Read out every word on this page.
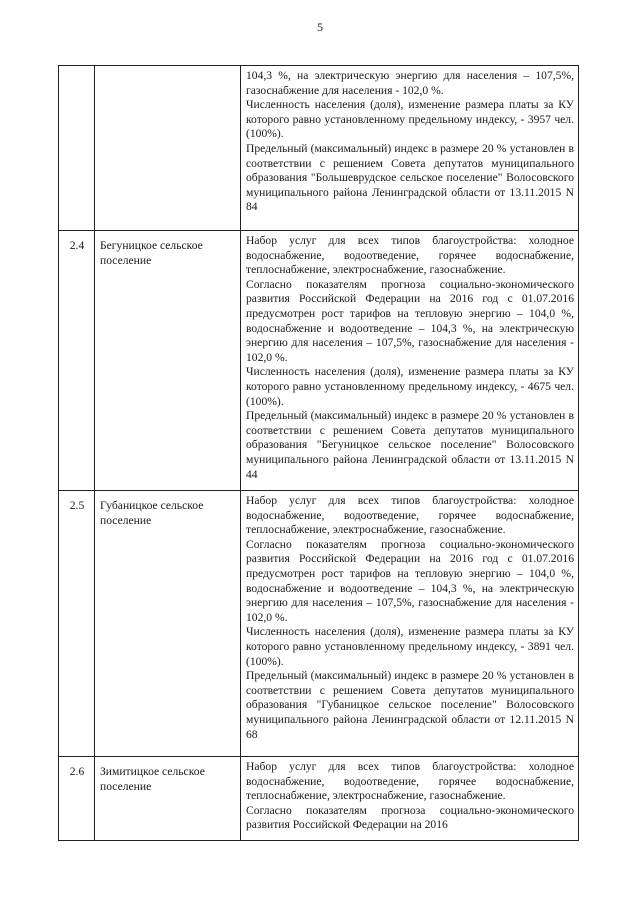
5

		104,3 %, на электрическую энергию для населения – 107,5%, газоснабжение для населения - 102,0 %.

Численность населения (доля), изменение размера платы за КУ которого равно установленному предельному индексу, - 3957 чел. (100%).

Предельный (максимальный) индекс в размере 20 % установлен в соответствии с решением Совета депутатов муниципального образования "Большеврудское сельское поселение" Волосовского муниципального района Ленинградской области от 13.11.2015 N 84

2.4	Бегуницкое сельское поселение	Набор услуг для всех типов благоустройства: холодное водоснабжение, водоотведение, горячее водоснабжение, теплоснабжение, электроснабжение, газоснабжение.

Согласно показателям прогноза социально-экономического развития Российской Федерации на 2016 год с 01.07.2016 предусмотрен рост тарифов на тепловую энергию – 104,0 %, водоснабжение и водоотведение – 104,3 %, на электрическую энергию для населения – 107,5%, газоснабжение для населения - 102,0 %.

Численность населения (доля), изменение размера платы за КУ которого равно установленному предельному индексу, - 4675 чел. (100%).

Предельный (максимальный) индекс в размере 20 % установлен в соответствии с решением Совета депутатов муниципального образования "Бегуницкое сельское поселение" Волосовского муниципального района Ленинградской области от 13.11.2015 N 44

2.5	Губаницкое сельское поселение	Набор услуг для всех типов благоустройства: холодное водоснабжение, водоотведение, горячее водоснабжение, теплоснабжение, электроснабжение, газоснабжение.

Согласно показателям прогноза социально-экономического развития Российской Федерации на 2016 год с 01.07.2016 предусмотрен рост тарифов на тепловую энергию – 104,0 %, водоснабжение и водоотведение – 104,3 %, на электрическую энергию для населения – 107,5%, газоснабжение для населения - 102,0 %.

Численность населения (доля), изменение размера платы за КУ которого равно установленному предельному индексу, - 3891 чел. (100%).

Предельный (максимальный) индекс в размере 20 % установлен в соответствии с решением Совета депутатов муниципального образования "Губаницкое сельское поселение" Волосовского муниципального района Ленинградской области от 12.11.2015 N 68

2.6	Зимитицкое сельское поселение	Набор услуг для всех типов благоустройства: холодное водоснабжение, водоотведение, горячее водоснабжение, теплоснабжение, электроснабжение, газоснабжение.

Согласно показателям прогноза социально-экономического развития Российской Федерации на 2016
